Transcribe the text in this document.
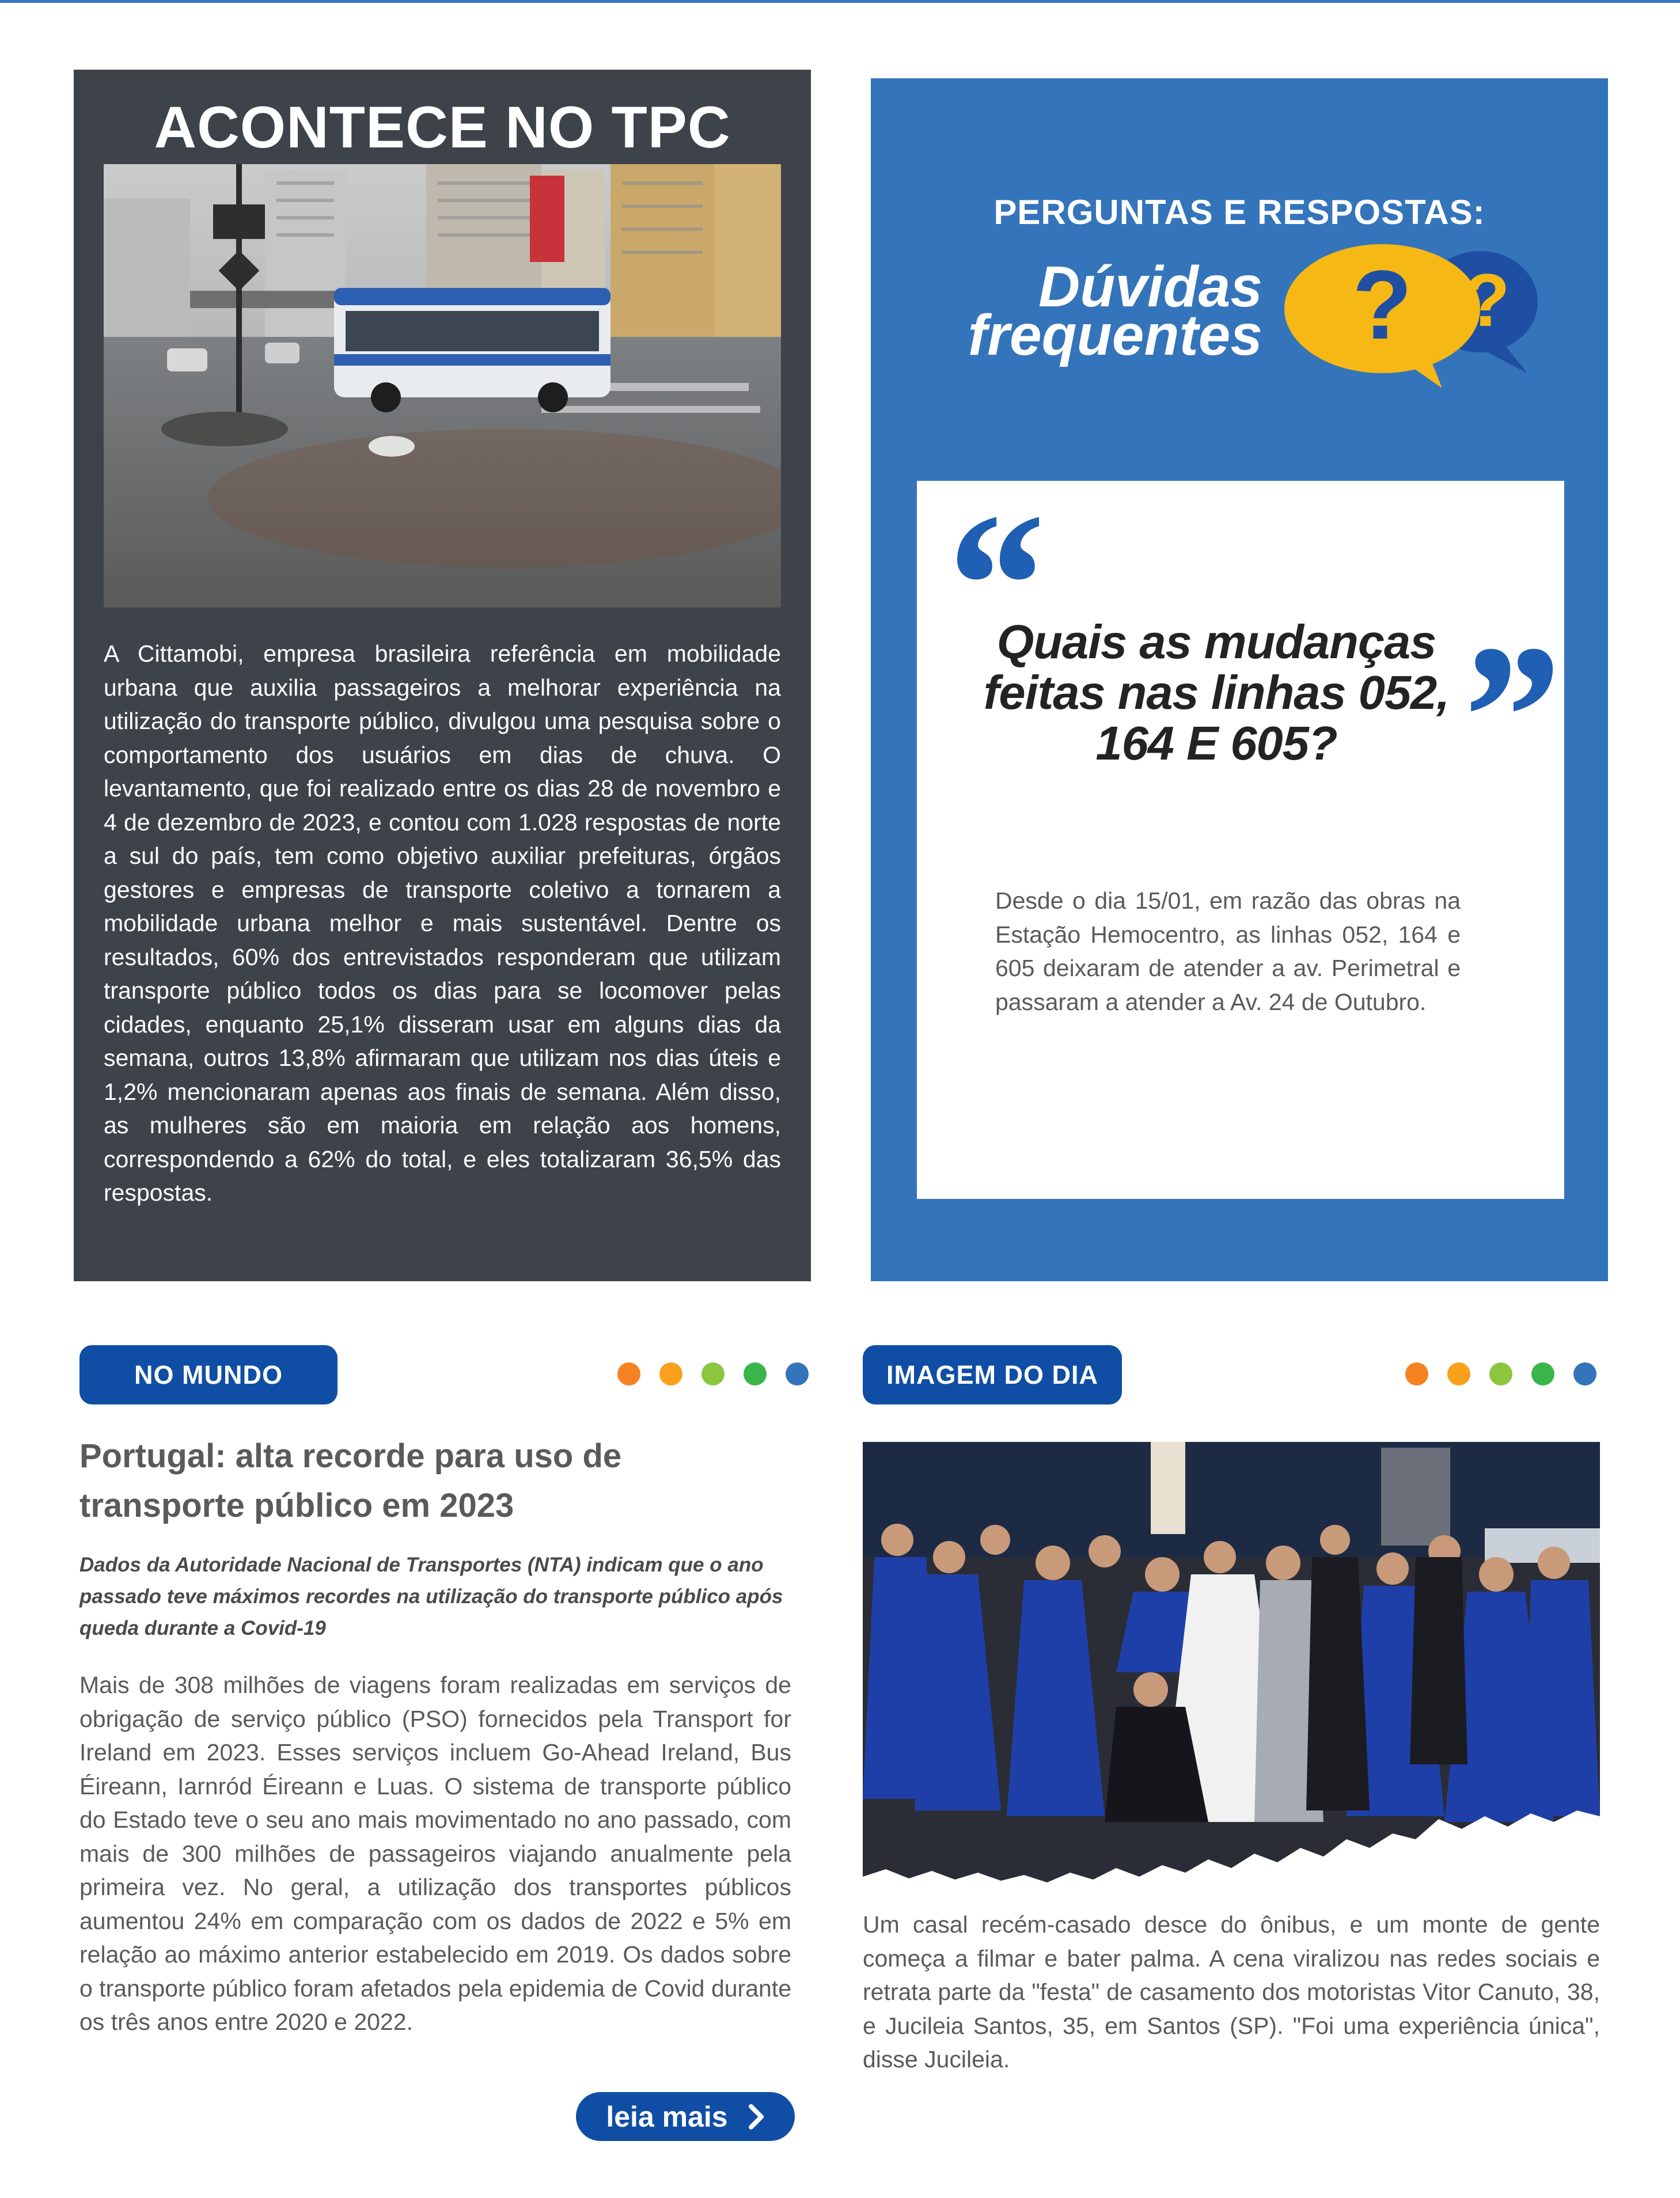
ACONTECE NO TPC

A Cittamobi, empresa brasileira referência em mobilidade urbana que auxilia passageiros a melhorar experiência na utilização do transporte público, divulgou uma pesquisa sobre o comportamento dos usuários em dias de chuva. O levantamento, que foi realizado entre os dias 28 de novembro e 4 de dezembro de 2023, e contou com 1.028 respostas de norte a sul do país, tem como objetivo auxiliar prefeituras, órgãos gestores e empresas de transporte coletivo a tornarem a mobilidade urbana melhor e mais sustentável. Dentre os resultados, 60% dos entrevistados responderam que utilizam transporte público todos os dias para se locomover pelas cidades, enquanto 25,1% disseram usar em alguns dias da semana, outros 13,8% afirmaram que utilizam nos dias úteis e 1,2% mencionaram apenas aos finais de semana. Além disso, as mulheres são em maioria em relação aos homens, correspondendo a 62% do total, e eles totalizaram 36,5% das respostas.

PERGUNTAS E RESPOSTAS:
Dúvidas
frequentes ? ?
“

Quais as mudanças feitas nas linhas 052, 164 E 605? ”

Desde o dia 15/01, em razão das obras na Estação Hemocentro, as linhas 052, 164 e 605 deixaram de atender a av. Perimetral e passaram a atender a Av. 24 de Outubro.

NO MUNDO
Portugal: alta recorde para uso de transporte público em 2023

Dados da Autoridade Nacional de Transportes (NTA) indicam que o ano passado teve máximos recordes na utilização do transporte público após queda durante a Covid-19

Mais de 308 milhões de viagens foram realizadas em serviços de obrigação de serviço público (PSO) fornecidos pela Transport for Ireland em 2023. Esses serviços incluem Go-Ahead Ireland, Bus Éireann, Iarnród Éireann e Luas. O sistema de transporte público do Estado teve o seu ano mais movimentado no ano passado, com mais de 300 milhões de passageiros viajando anualmente pela primeira vez. No geral, a utilização dos transportes públicos aumentou 24% em comparação com os dados de 2022 e 5% em relação ao máximo anterior estabelecido em 2019. Os dados sobre o transporte público foram afetados pela epidemia de Covid durante os três anos entre 2020 e 2022.

leia mais
IMAGEM DO DIA

Um casal recém-casado desce do ônibus, e um monte de gente começa a filmar e bater palma. A cena viralizou nas redes sociais e retrata parte da "festa" de casamento dos motoristas Vitor Canuto, 38, e Jucileia Santos, 35, em Santos (SP). "Foi uma experiência única", disse Jucileia.
